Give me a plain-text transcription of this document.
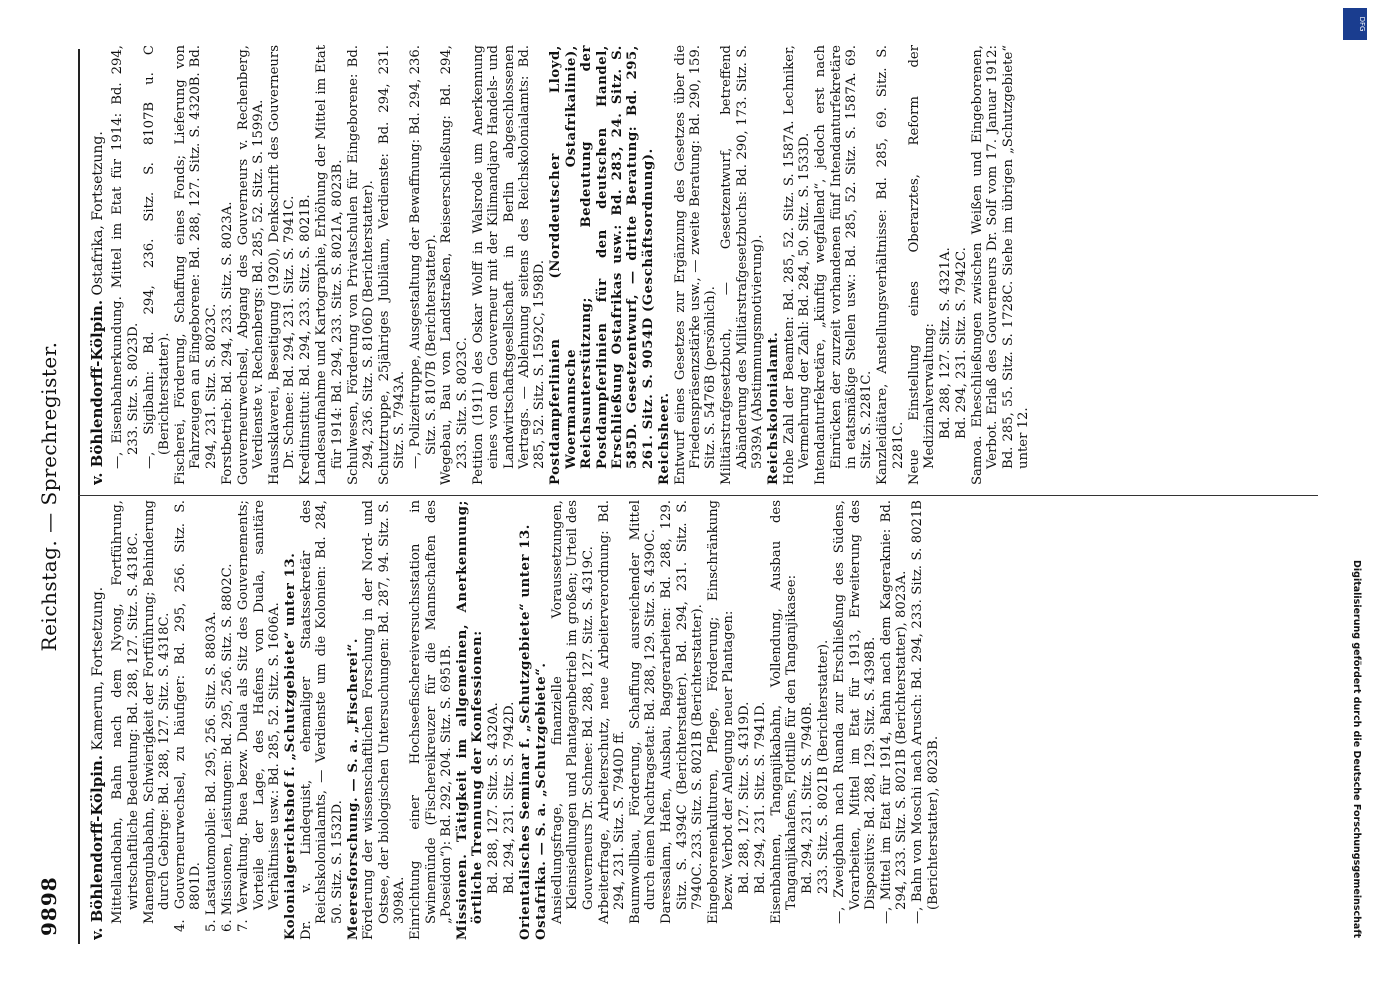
9898
Reichstag. — Sprechregister.
v. Böhlendorff-Kölpin. Kamerun, Fortsetzung. Mittellandbahn, Bahn nach dem Nyong, Fortführung, wirtschaftliche Bedeutung: Bd. 288, 127. Sitz. S. 4318C. Manengubabahn, Schwierigkeit der Fortführung; Behinderung durch Gebirge: Bd. 288, 127. Sitz. S. 4318C. 4. Gouverneurwechsel, zu häufiger: Bd. 295, 256. Sitz. S. 8801D. 5. Lastautomobile: Bd. 295, 256. Sitz. S. 8803A. 6. Missionen, Leistungen: Bd. 295, 256. Sitz. S. 8802C. 7. Verwaltung. Buea bezw. Duala als Sitz des Gouvernements; Vorteile der Lage, des Hafens von Duala, sanitäre Verhältnisse usw.: Bd. 285, 52. Sitz. S. 1606A. Kolonialgerichtshof f. „Schutzgebiete“ unter 13. Dr. v. Lindequist, ehemaliger Staatssekretär des Reichskolonialamts, — Verdienste um die Kolonien: Bd. 284, 50. Sitz. S. 1532D. Meeresforschung. — S. a. „Fischerei“. Förderung der wissenschaftlichen Forschung in der Nord- und Ostsee, der biologischen Untersuchungen: Bd. 287, 94. Sitz. S. 3098A. Einrichtung einer Hochseefischereiversuchsstation in Swinemünde (Fischereikreuzer für die Mannschaften des „Poseidon“): Bd. 292, 204. Sitz. S. 6951B. Missionen. Tätigkeit im allgemeinen, Anerkennung; örtliche Trennung der Konfessionen: Bd. 288, 127. Sitz. S. 4320A. Bd. 294, 231. Sitz. S. 7942D. Orientalisches Seminar f. „Schutzgebiete“ unter 13. Ostafrika. — S. a. „Schutzgebiete“. Ansiedlungsfrage, finanzielle Voraussetzungen, Kleinsiedlungen und Plantagenbetrieb im großen; Urteil des Gouverneurs Dr. Schnee: Bd. 288, 127. Sitz. S. 4319C. Arbeiterfrage, Arbeiterschutz, neue Arbeiterverordnung: Bd. 294, 231. Sitz. S. 7940D ff. Baumwollbau, Förderung, Schaffung ausreichender Mittel durch einen Nachtragsetat: Bd. 288, 129. Sitz. S. 4390C. Daressalam, Hafen, Ausbau, Baggerarbeiten: Bd. 288, 129. Sitz. S. 4394C (Berichterstatter). Bd. 294, 231. Sitz. S. 7940C. 233. Sitz. S. 8021B (Berichterstatter). Eingeborenenkulturen, Pflege, Förderung; Einschränkung bezw. Verbot der Anlegung neuer Plantagen: Bd. 288, 127. Sitz. S. 4319D. Bd. 294, 231. Sitz. S. 7941D. Eisenbahnen, Tanganjikabahn, Vollendung, Ausbau des Tanganjikahafens, Flottille für den Tanganjikasee: Bd. 294, 231. Sitz. S. 7940B. 233. Sitz. S. 8021B (Berichterstatter). —, Zweigbahn nach Ruanda zur Erschließung des Südens, Vorarbeiten, Mittel im Etat für 1913, Erweiterung des Dispositivs: Bd. 288, 129. Sitz. S. 4398B. —, Mittel im Etat für 1914, Bahn nach dem Kageraknie: Bd. 294, 233. Sitz. S. 8021B (Berichterstatter), 8023A. —, Bahn von Moschi nach Arusch: Bd. 294, 233. Sitz. S. 8021B (Berichterstatter), 8023B.
v. Böhlendorff-Kölpin. Ostafrika, Fortsetzung. —, Eisenbahnerkundung. Mittel im Etat für 1914: Bd. 294, 233. Sitz. S. 8023D. —, Sigibahn: Bd. 294, 236. Sitz. S. 8107B u. C (Berichterstatter). Fischerei, Förderung, Schaffung eines Fonds; Lieferung von Fahrzeugen an Eingeborene: Bd. 288, 127. Sitz. S. 4320B. Bd. 294, 231. Sitz. S. 8023C. Forstbetrieb: Bd. 294, 233. Sitz. S. 8023A. Gouverneurwechsel, Abgang des Gouverneurs v. Rechenberg, Verdienste v. Rechenbergs: Bd. 285, 52. Sitz. S. 1599A. Haussklaverei, Beseitigung (1920), Denkschrift des Gouverneurs Dr. Schnee: Bd. 294, 231. Sitz. S. 7941C. Kreditinstitut: Bd. 294, 233. Sitz. S. 8021B. Landesaufnahme und Kartographie, Erhöhung der Mittel im Etat für 1914: Bd. 294, 233. Sitz. S. 8021A, 8023B. Schulwesen, Förderung von Privatschulen für Eingeborene: Bd. 294, 236. Sitz. S. 8106D (Berichterstatter). Schutztruppe, 25jähriges Jubiläum, Verdienste: Bd. 294, 231. Sitz. S. 7943A. —, Polizeitruppe, Ausgestaltung der Bewaffnung: Bd. 294, 236. Sitz. S. 8107B (Berichterstatter). Wegebau, Bau von Landstraßen, Reiseerschließung: Bd. 294, 233. Sitz. S. 8023C. Petition (1911) des Oskar Wolff in Walsrode um Anerkennung eines von dem Gouverneur mit der Kilimandjaro Handels- und Landwirtschaftsgesellschaft in Berlin abgeschlossenen Vertrags. — Ablehnung seitens des Reichskolonialamts: Bd. 285, 52. Sitz. S. 1592C, 1598D. Postdampferlinien (Norddeutscher Lloyd, Woermannsche Ostafrikalinie), Reichsunterstützung; Bedeutung der Postdampferlinien für den deutschen Handel, Erschließung Ostafrikas usw.: Bd. 283, 24. Sitz. S. 585D. Gesetzentwurf, — dritte Beratung: Bd. 295, 261. Sitz. S. 9054D (Geschäftsordnung). Reichsheer. Entwurf eines Gesetzes zur Ergänzung des Gesetzes über die Friedenspräsenzstärke usw., — zweite Beratung: Bd. 290, 159. Sitz. S. 5476B (persönlich). Militärstrafgesetzbuch, — Gesetzentwurf, betreffend Abänderung des Militärstrafgesetzbuchs: Bd. 290, 173. Sitz. S. 5939A (Abstimmungsmotivierung). Reichskolonialamt. Hohe Zahl der Beamten: Bd. 285, 52. Sitz. S. 1587A. Lechniker, Vermehrung der Zahl: Bd. 284, 50. Sitz. S. 1533D. Intendanturfekretäre, „künftig wegfallend“, jedoch erst nach Einrücken der zurzeit vorhandenen fünf Intendanturfekretäre in etatsmäßige Stellen usw.: Bd. 285, 52. Sitz. S. 1587A. 69. Sitz. S. 2281C. Kanzleidiätare, Anstellungsverhältnisse: Bd. 285, 69. Sitz. S. 2281C. Neue Einstellung eines Oberarztes, Reform der Medizinalverwaltung: Bd. 288, 127. Sitz. S. 4321A. Bd. 294, 231. Sitz. S. 7942C. Samoa. Eheschließungen zwischen Weißen und Eingeborenen, Verbot. Erlaß des Gouverneurs Dr. Solf vom 17. Januar 1912: Bd. 285, 55. Sitz. S. 1728C. Siehe im übrigen „Schutzgebiete“ unter 12.
DFG
Digitalisierung gefördert durch die Deutsche Forschungsgemeinschaft
